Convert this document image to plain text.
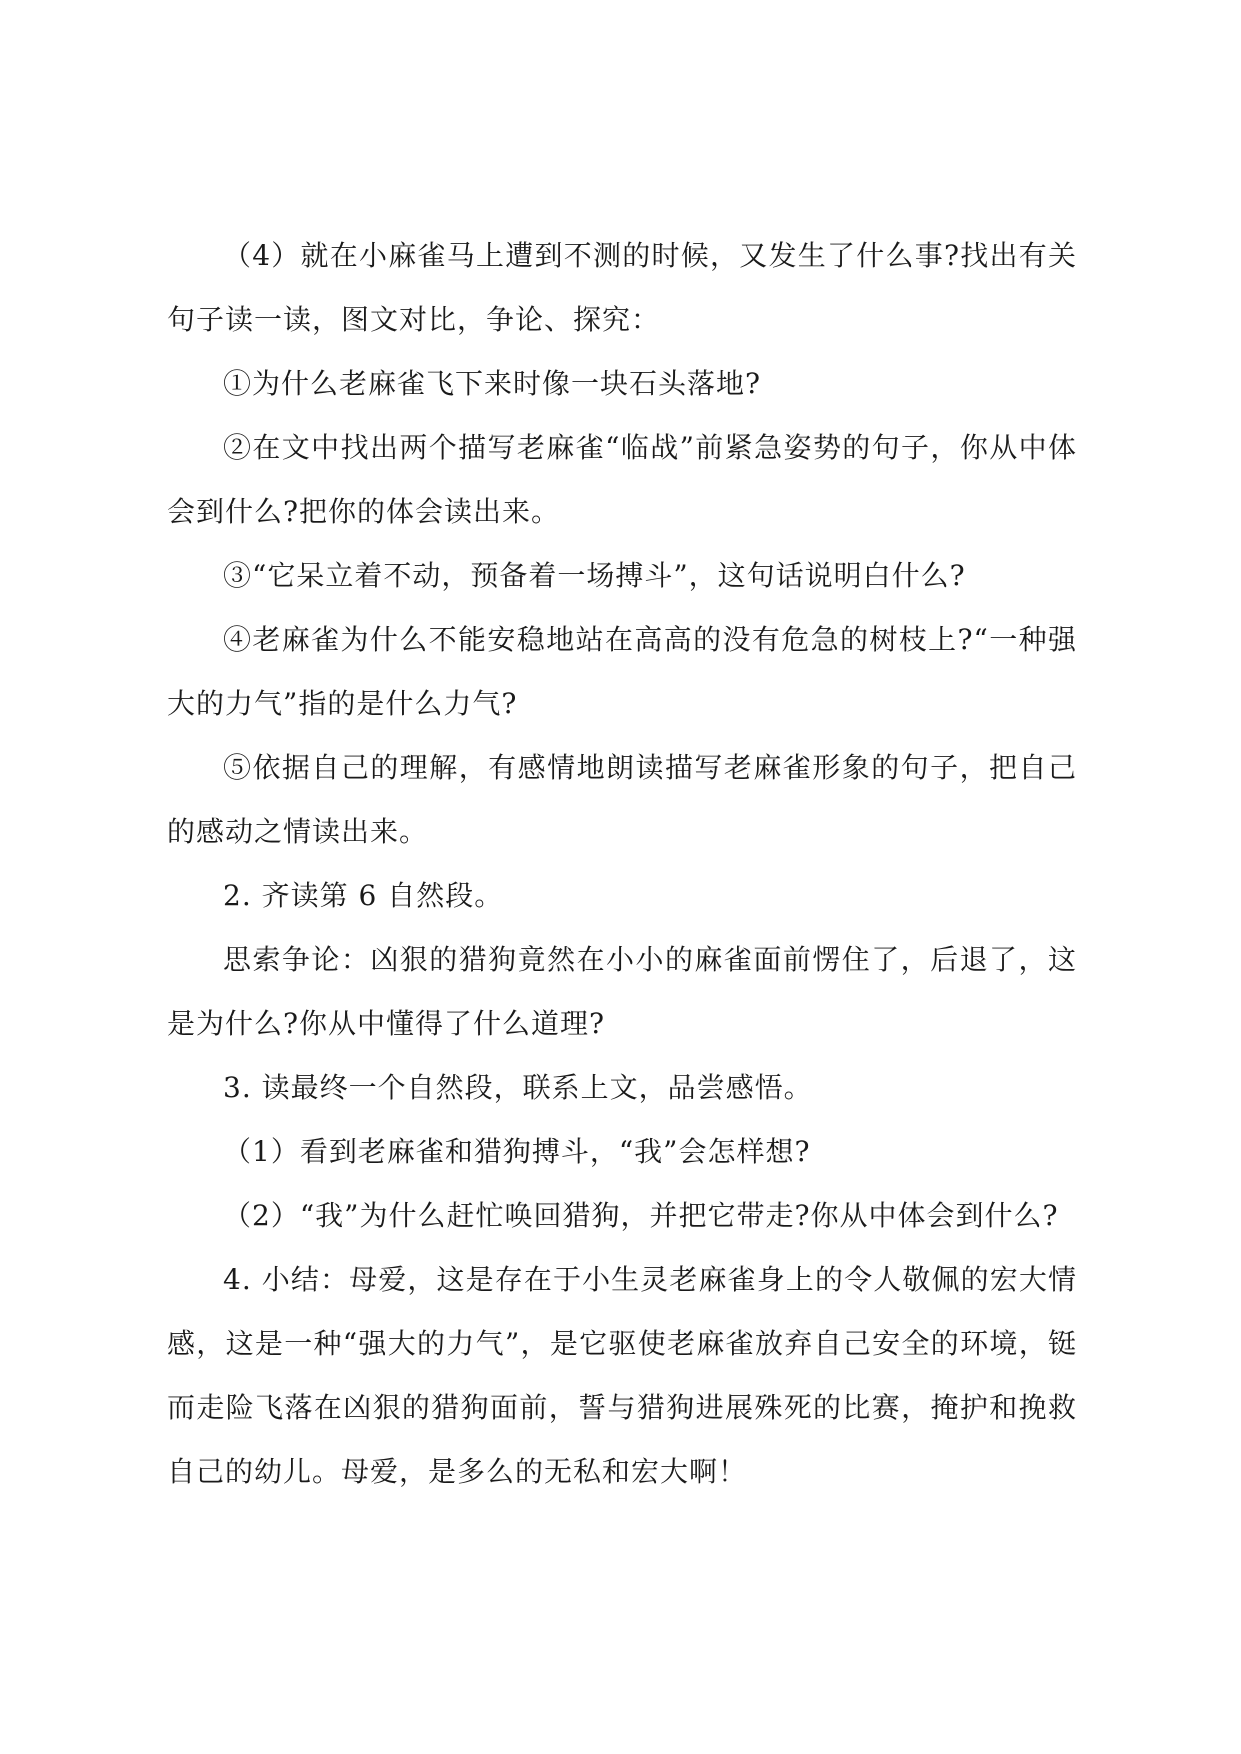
（4）就在小麻雀马上遭到不测的时候，又发生了什么事?找出有关句子读一读，图文对比，争论、探究：

①为什么老麻雀飞下来时像一块石头落地?

②在文中找出两个描写老麻雀“临战”前紧急姿势的句子，你从中体会到什么?把你的体会读出来。

③“它呆立着不动，预备着一场搏斗”，这句话说明白什么?

④老麻雀为什么不能安稳地站在高高的没有危急的树枝上?“一种强大的力气”指的是什么力气?

⑤依据自己的理解，有感情地朗读描写老麻雀形象的句子，把自己的感动之情读出来。

2. 齐读第 6 自然段。

思索争论：凶狠的猎狗竟然在小小的麻雀面前愣住了，后退了，这是为什么?你从中懂得了什么道理?

3. 读最终一个自然段，联系上文，品尝感悟。

（1）看到老麻雀和猎狗搏斗，“我”会怎样想?

（2）“我”为什么赶忙唤回猎狗，并把它带走?你从中体会到什么?

4. 小结：母爱，这是存在于小生灵老麻雀身上的令人敬佩的宏大情感，这是一种“强大的力气”，是它驱使老麻雀放弃自己安全的环境，铤而走险飞落在凶狠的猎狗面前，誓与猎狗进展殊死的比赛，掩护和挽救自己的幼儿。母爱，是多么的无私和宏大啊！
